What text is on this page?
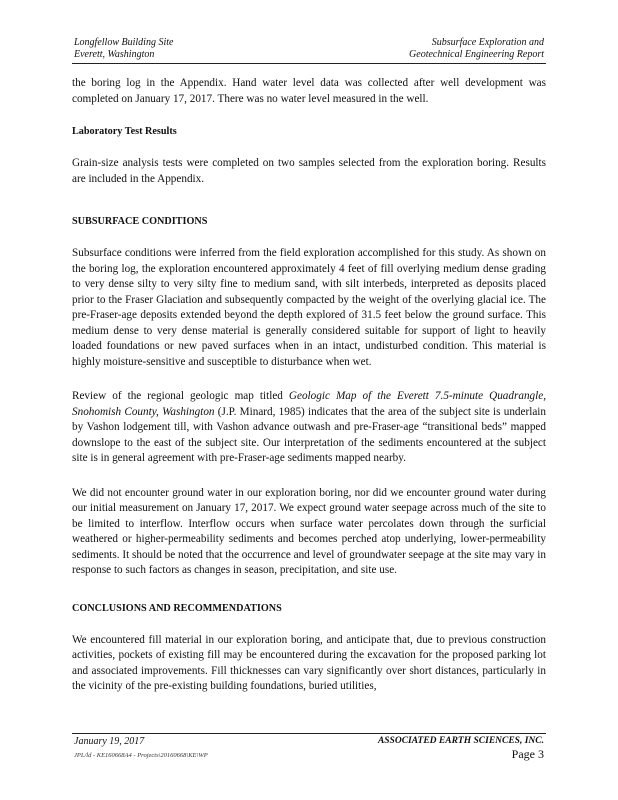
Longfellow Building Site
Everett, Washington
Subsurface Exploration and
Geotechnical Engineering Report

the boring log in the Appendix. Hand water level data was collected after well development was completed on January 17, 2017. There was no water level measured in the well.

Laboratory Test Results

Grain-size analysis tests were completed on two samples selected from the exploration boring. Results are included in the Appendix.

SUBSURFACE CONDITIONS

Subsurface conditions were inferred from the field exploration accomplished for this study. As shown on the boring log, the exploration encountered approximately 4 feet of fill overlying medium dense grading to very dense silty to very silty fine to medium sand, with silt interbeds, interpreted as deposits placed prior to the Fraser Glaciation and subsequently compacted by the weight of the overlying glacial ice. The pre-Fraser-age deposits extended beyond the depth explored of 31.5 feet below the ground surface. This medium dense to very dense material is generally considered suitable for support of light to heavily loaded foundations or new paved surfaces when in an intact, undisturbed condition. This material is highly moisture-sensitive and susceptible to disturbance when wet.

Review of the regional geologic map titled Geologic Map of the Everett 7.5-minute Quadrangle, Snohomish County, Washington (J.P. Minard, 1985) indicates that the area of the subject site is underlain by Vashon lodgement till, with Vashon advance outwash and pre-Fraser-age “transitional beds” mapped downslope to the east of the subject site. Our interpretation of the sediments encountered at the subject site is in general agreement with pre-Fraser-age sediments mapped nearby.

We did not encounter ground water in our exploration boring, nor did we encounter ground water during our initial measurement on January 17, 2017. We expect ground water seepage across much of the site to be limited to interflow. Interflow occurs when surface water percolates down through the surficial weathered or higher-permeability sediments and becomes perched atop underlying, lower-permeability sediments. It should be noted that the occurrence and level of groundwater seepage at the site may vary in response to such factors as changes in season, precipitation, and site use.

CONCLUSIONS AND RECOMMENDATIONS

We encountered fill material in our exploration boring, and anticipate that, due to previous construction activities, pockets of existing fill may be encountered during the excavation for the proposed parking lot and associated improvements. Fill thicknesses can vary significantly over short distances, particularly in the vicinity of the pre-existing building foundations, buried utilities,

January 19, 2017
JPL/ld - KE160668A4 - Projects\20160668\KE\WP
ASSOCIATED EARTH SCIENCES, INC.
Page 3
